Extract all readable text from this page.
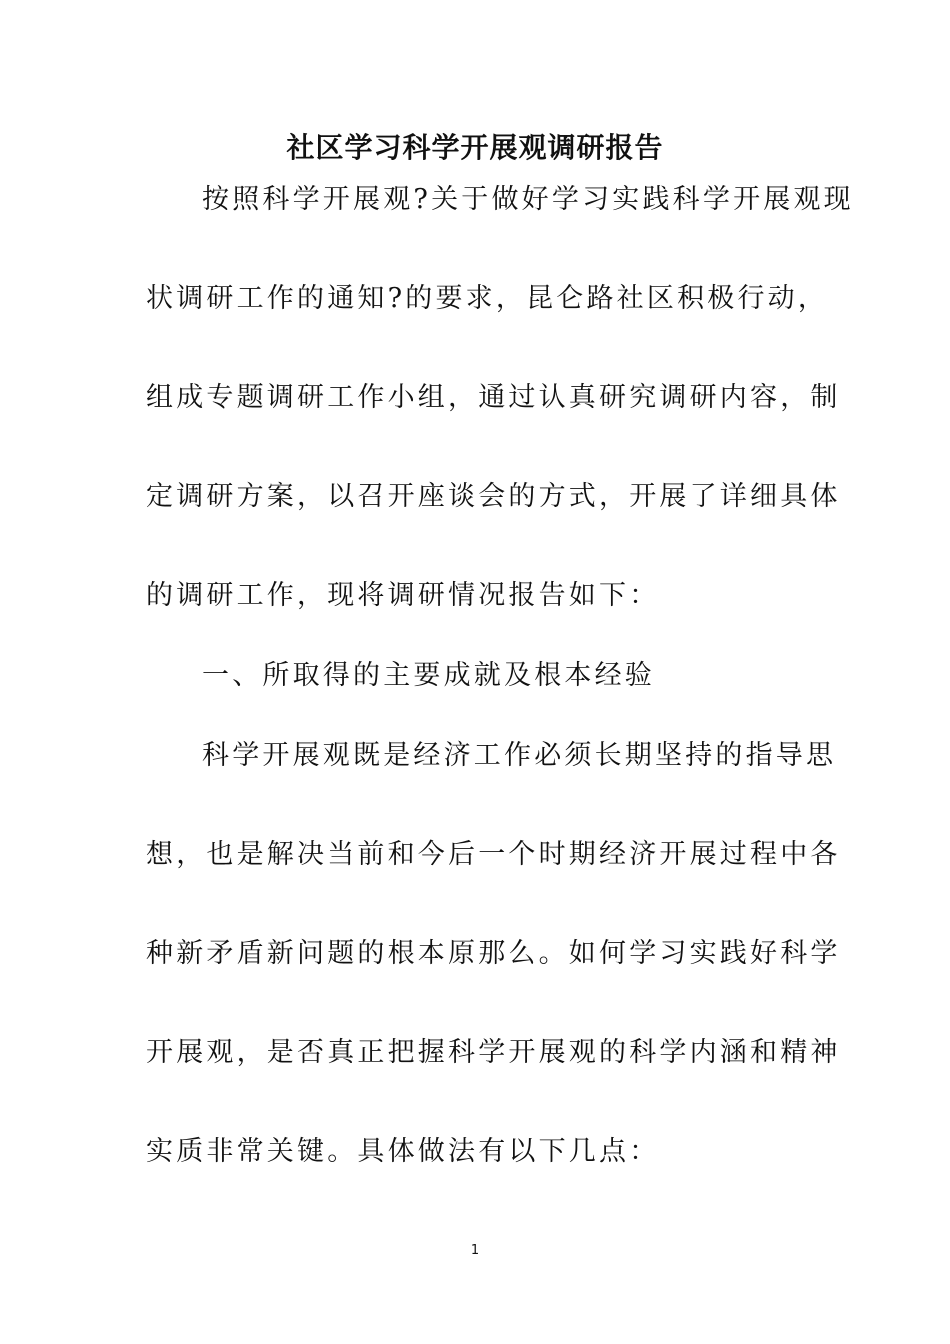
社区学习科学开展观调研报告
按照科学开展观?关于做好学习实践科学开展观现
状调研工作的通知?的要求，昆仑路社区积极行动，
组成专题调研工作小组，通过认真研究调研内容，制
定调研方案，以召开座谈会的方式，开展了详细具体
的调研工作，现将调研情况报告如下：
一、所取得的主要成就及根本经验
科学开展观既是经济工作必须长期坚持的指导思
想，也是解决当前和今后一个时期经济开展过程中各
种新矛盾新问题的根本原那么。如何学习实践好科学
开展观，是否真正把握科学开展观的科学内涵和精神
实质非常关键。具体做法有以下几点：
1
